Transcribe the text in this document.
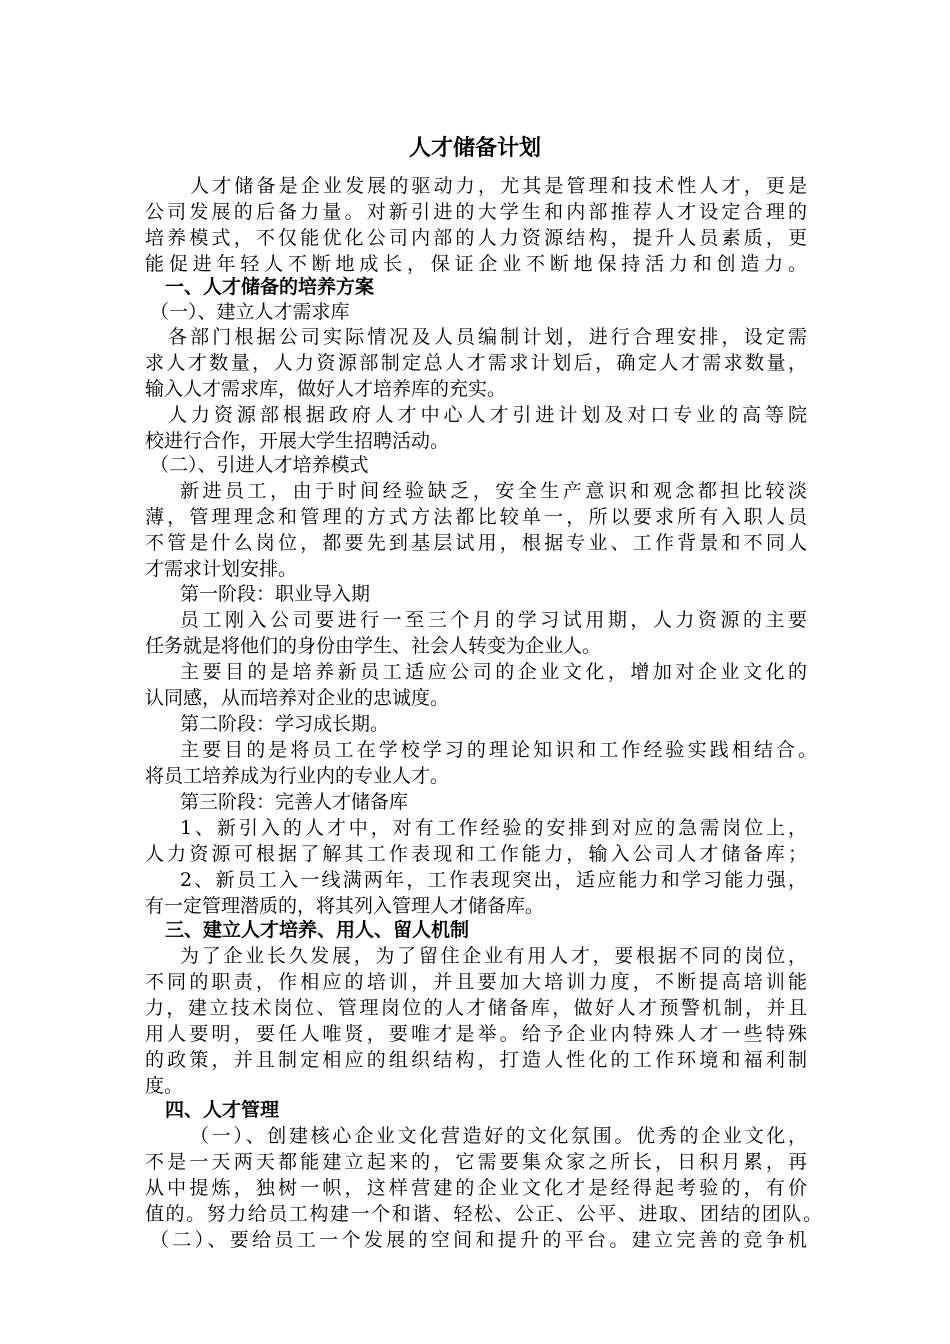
人才储备计划
人才储备是企业发展的驱动力，尤其是管理和技术性人才，更是
公司发展的后备力量。对新引进的大学生和内部推荐人才设定合理的
培养模式，不仅能优化公司内部的人力资源结构，提升人员素质，更
能促进年轻人不断地成长，保证企业不断地保持活力和创造力。
一、人才储备的培养方案
（一）、建立人才需求库
各部门根据公司实际情况及人员编制计划，进行合理安排，设定需
求人才数量，人力资源部制定总人才需求计划后，确定人才需求数量，
输入人才需求库，做好人才培养库的充实。
人力资源部根据政府人才中心人才引进计划及对口专业的高等院
校进行合作，开展大学生招聘活动。
（二）、引进人才培养模式
新进员工，由于时间经验缺乏，安全生产意识和观念都担比较淡
薄，管理理念和管理的方式方法都比较单一，所以要求所有入职人员
不管是什么岗位，都要先到基层试用，根据专业、工作背景和不同人
才需求计划安排。
第一阶段：职业导入期
员工刚入公司要进行一至三个月的学习试用期，人力资源的主要
任务就是将他们的身份由学生、社会人转变为企业人。
主要目的是培养新员工适应公司的企业文化，增加对企业文化的
认同感，从而培养对企业的忠诚度。
第二阶段：学习成长期。
主要目的是将员工在学校学习的理论知识和工作经验实践相结合。
将员工培养成为行业内的专业人才。
第三阶段：完善人才储备库
1、新引入的人才中，对有工作经验的安排到对应的急需岗位上，
人力资源可根据了解其工作表现和工作能力，输入公司人才储备库；
2、新员工入一线满两年，工作表现突出，适应能力和学习能力强，
有一定管理潜质的，将其列入管理人才储备库。
三、建立人才培养、用人、留人机制
为了企业长久发展，为了留住企业有用人才，要根据不同的岗位，
不同的职责，作相应的培训，并且要加大培训力度，不断提高培训能
力，建立技术岗位、管理岗位的人才储备库，做好人才预警机制，并且
用人要明，要任人唯贤，要唯才是举。给予企业内特殊人才一些特殊
的政策，并且制定相应的组织结构，打造人性化的工作环境和福利制
度。
四、人才管理
（一）、创建核心企业文化营造好的文化氛围。优秀的企业文化，
不是一天两天都能建立起来的，它需要集众家之所长，日积月累，再
从中提炼，独树一帜，这样营建的企业文化才是经得起考验的，有价
值的。努力给员工构建一个和谐、轻松、公正、公平、进取、团结的团队。
（二）、要给员工一个发展的空间和提升的平台。建立完善的竞争机
